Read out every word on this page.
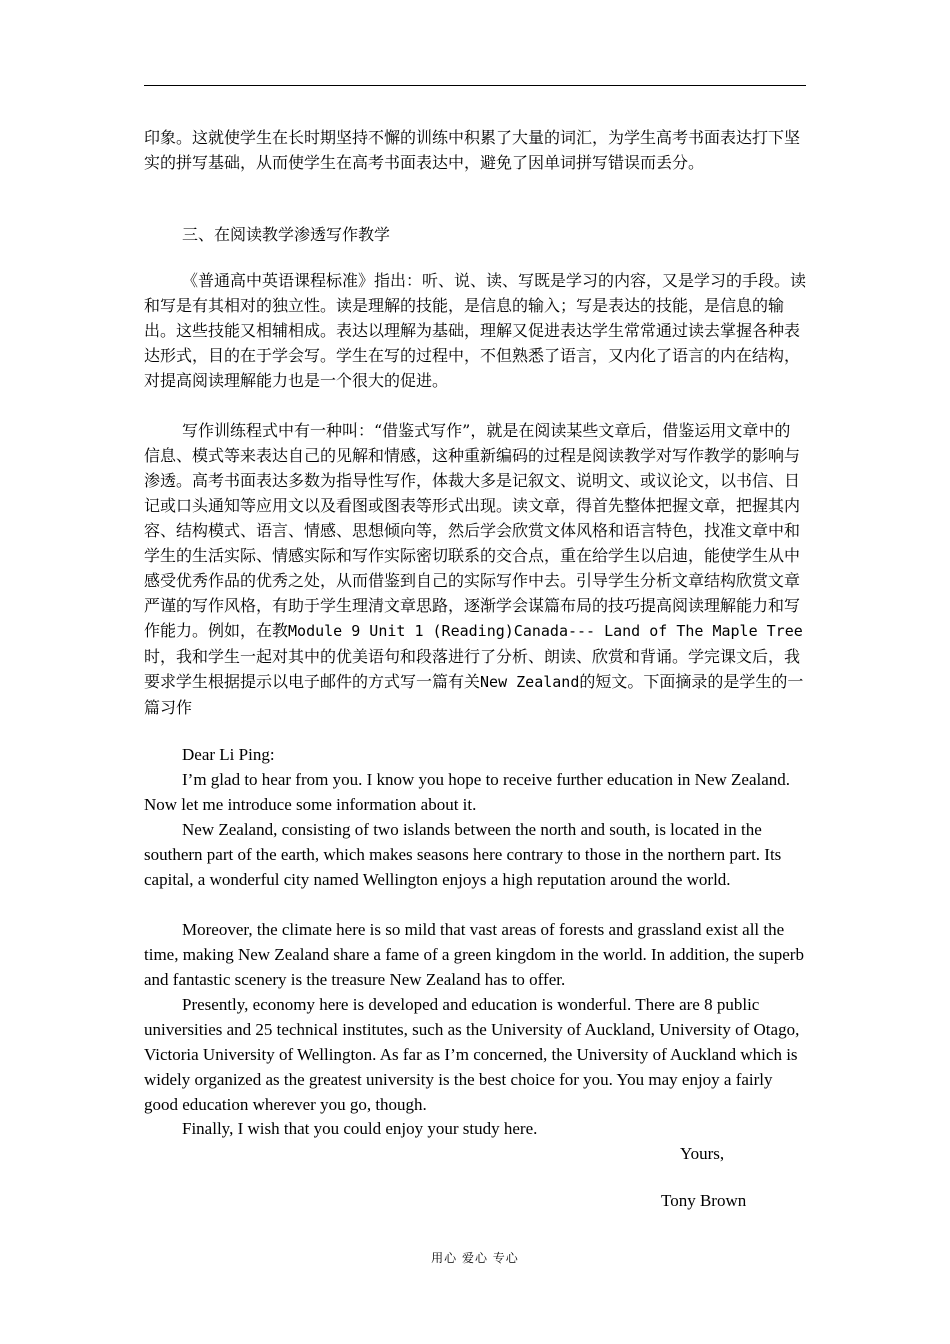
印象。这就使学生在长时期坚持不懈的训练中积累了大量的词汇，为学生高考书面表达打下坚实的拼写基础，从而使学生在高考书面表达中，避免了因单词拼写错误而丢分。

三、在阅读教学渗透写作教学

《普通高中英语课程标准》指出：听、说、读、写既是学习的内容，又是学习的手段。读和写是有其相对的独立性。读是理解的技能，是信息的输入；写是表达的技能，是信息的输出。这些技能又相辅相成。表达以理解为基础，理解又促进表达学生常常通过读去掌握各种表达形式，目的在于学会写。学生在写的过程中，不但熟悉了语言，又内化了语言的内在结构，对提高阅读理解能力也是一个很大的促进。

写作训练程式中有一种叫：“借鉴式写作”，就是在阅读某些文章后，借鉴运用文章中的信息、模式等来表达自己的见解和情感，这种重新编码的过程是阅读教学对写作教学的影响与渗透。高考书面表达多数为指导性写作，体裁大多是记叙文、说明文、或议论文，以书信、日记或口头通知等应用文以及看图或图表等形式出现。读文章，得首先整体把握文章，把握其内容、结构模式、语言、情感、思想倾向等，然后学会欣赏文体风格和语言特色，找准文章中和学生的生活实际、情感实际和写作实际密切联系的交合点，重在给学生以启迪，能使学生从中感受优秀作品的优秀之处，从而借鉴到自己的实际写作中去。引导学生分析文章结构欣赏文章严谨的写作风格，有助于学生理清文章思路，逐渐学会谋篇布局的技巧提高阅读理解能力和写作能力。例如，在教Module 9 Unit 1 (Reading)Canada--- Land of The Maple Tree时，我和学生一起对其中的优美语句和段落进行了分析、朗读、欣赏和背诵。学完课文后，我要求学生根据提示以电子邮件的方式写一篇有关New Zealand的短文。下面摘录的是学生的一篇习作

Dear Li Ping:

I’m glad to hear from you. I know you hope to receive further education in New Zealand. Now let me introduce some information about it.

New Zealand, consisting of two islands between the north and south, is located in the southern part of the earth, which makes seasons here contrary to those in the northern part. Its capital, a wonderful city named Wellington enjoys a high reputation around the world.

Moreover, the climate here is so mild that vast areas of forests and grassland exist all the time, making New Zealand share a fame of a green kingdom in the world. In addition, the superb and fantastic scenery is the treasure New Zealand has to offer.

Presently, economy here is developed and education is wonderful. There are 8 public universities and 25 technical institutes, such as the University of Auckland, University of Otago, Victoria University of Wellington. As far as I’m concerned, the University of Auckland which is widely organized as the greatest university is the best choice for you. You may enjoy a fairly good education wherever you go, though.

Finally, I wish that you could enjoy your study here.

Yours,
Tony Brown
用心 爱心 专心
